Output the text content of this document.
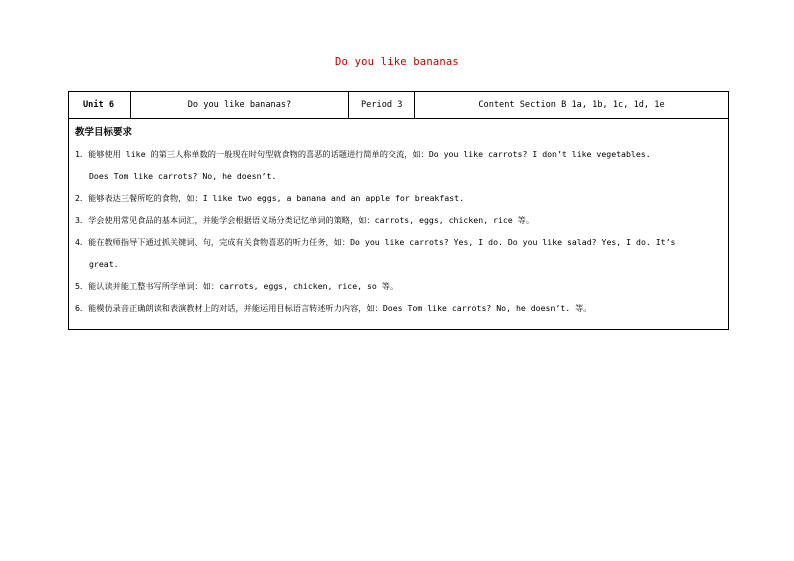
Do you like bananas
Unit 6	Do you like bananas?	Period 3	Content Section B 1a, 1b, 1c, 1d, 1e

教学目标要求
1．能够使用 like 的第三人称单数的一般现在时句型就食物的喜恶的话题进行简单的交流，如：Do you like carrots? I don’t like vegetables.
Does Tom like carrots? No, he doesn’t.
2．能够表达三餐所吃的食物，如：I like two eggs, a banana and an apple for breakfast.
3．学会使用常见食品的基本词汇，并能学会根据语义场分类记忆单词的策略，如：carrots, eggs, chicken, rice 等。
4．能在教师指导下通过抓关键词、句，完成有关食物喜恶的听力任务，如：Do you like carrots? Yes, I do. Do you like salad? Yes, I do. It’s
great.
5．能认读并能工整书写所学单词：如：carrots, eggs, chicken, rice, so 等。
6．能模仿录音正确朗读和表演教材上的对话，并能运用目标语言转述听力内容，如：Does Tom like carrots? No, he doesn’t. 等。
